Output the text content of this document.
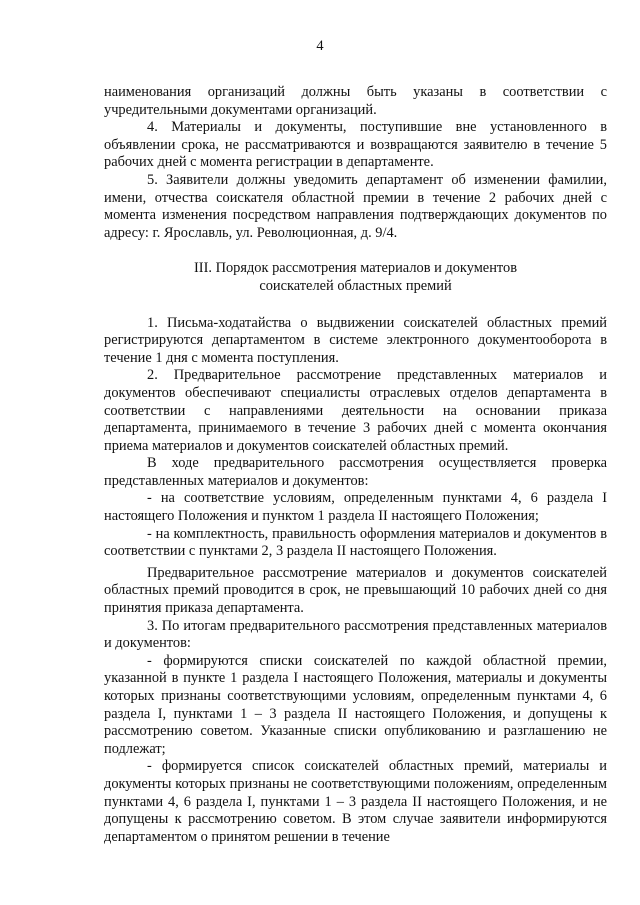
4
наименования организаций должны быть указаны в соответствии с учредительными документами организаций.
4. Материалы и документы, поступившие вне установленного в объявлении срока, не рассматриваются и возвращаются заявителю в течение 5 рабочих дней с момента регистрации в департаменте.
5. Заявители должны уведомить департамент об изменении фамилии, имени, отчества соискателя областной премии в течение 2 рабочих дней с момента изменения посредством направления подтверждающих документов по адресу: г. Ярославль, ул. Революционная, д. 9/4.
III. Порядок рассмотрения материалов и документов
соискателей областных премий
1. Письма-ходатайства о выдвижении соискателей областных премий регистрируются департаментом в системе электронного документооборота в течение 1 дня с момента поступления.
2. Предварительное рассмотрение представленных материалов и документов обеспечивают специалисты отраслевых отделов департамента в соответствии с направлениями деятельности на основании приказа департамента, принимаемого в течение 3 рабочих дней с момента окончания приема материалов и документов соискателей областных премий.
В ходе предварительного рассмотрения осуществляется проверка представленных материалов и документов:
- на соответствие условиям, определенным пунктами 4, 6 раздела I настоящего Положения и пунктом 1 раздела II настоящего Положения;
- на комплектность, правильность оформления материалов и документов в соответствии с пунктами 2, 3 раздела II настоящего Положения.
Предварительное рассмотрение материалов и документов соискателей областных премий проводится в срок, не превышающий 10 рабочих дней со дня принятия приказа департамента.
3. По итогам предварительного рассмотрения представленных материалов и документов:
- формируются списки соискателей по каждой областной премии, указанной в пункте 1 раздела I настоящего Положения, материалы и документы которых признаны соответствующими условиям, определенным пунктами 4, 6 раздела I, пунктами 1 – 3 раздела II настоящего Положения, и допущены к рассмотрению советом. Указанные списки опубликованию и разглашению не подлежат;
- формируется список соискателей областных премий, материалы и документы которых признаны не соответствующими положениям, определенным пунктами 4, 6 раздела I, пунктами 1 – 3 раздела II настоящего Положения, и не допущены к рассмотрению советом. В этом случае заявители информируются департаментом о принятом решении в течение
